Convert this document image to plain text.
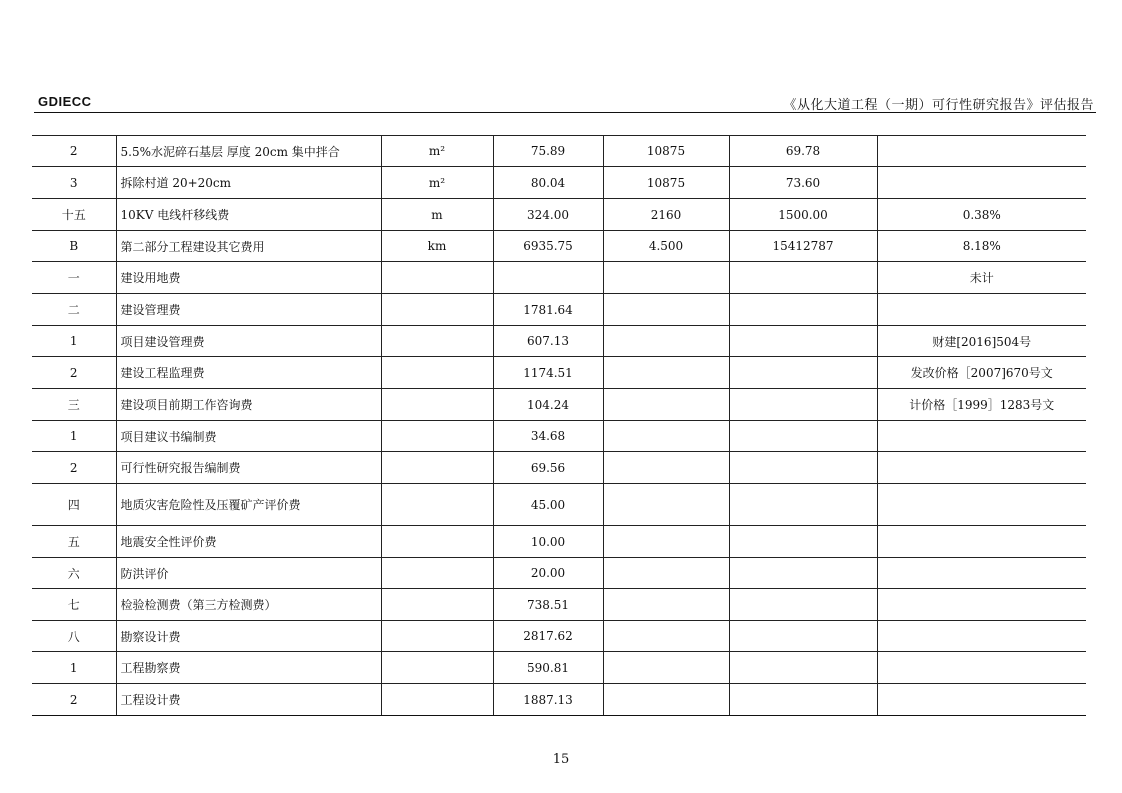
GDIECC	《从化大道工程（一期）可行性研究报告》评估报告
2	5.5%水泥碎石基层 厚度 20cm 集中拌合	m²	75.89	10875	69.78	
3	拆除村道 20+20cm	m²	80.04	10875	73.60	
十五	10KV 电线杆移线费	m	324.00	2160	1500.00	0.38%
B	第二部分工程建设其它费用	km	6935.75	4.500	15412787	8.18%
一	建设用地费					未计
二	建设管理费		1781.64			
1	项目建设管理费		607.13			财建[2016]504号
2	建设工程监理费		1174.51			发改价格［2007]670号文
三	建设项目前期工作咨询费		104.24			计价格［1999］1283号文
1	项目建议书编制费		34.68			
2	可行性研究报告编制费		69.56			
四	地质灾害危险性及压覆矿产评价费		45.00			
五	地震安全性评价费		10.00			
六	防洪评价		20.00			
七	检验检测费（第三方检测费）		738.51			
八	勘察设计费		2817.62			
1	工程勘察费		590.81			
2	工程设计费		1887.13			
15
